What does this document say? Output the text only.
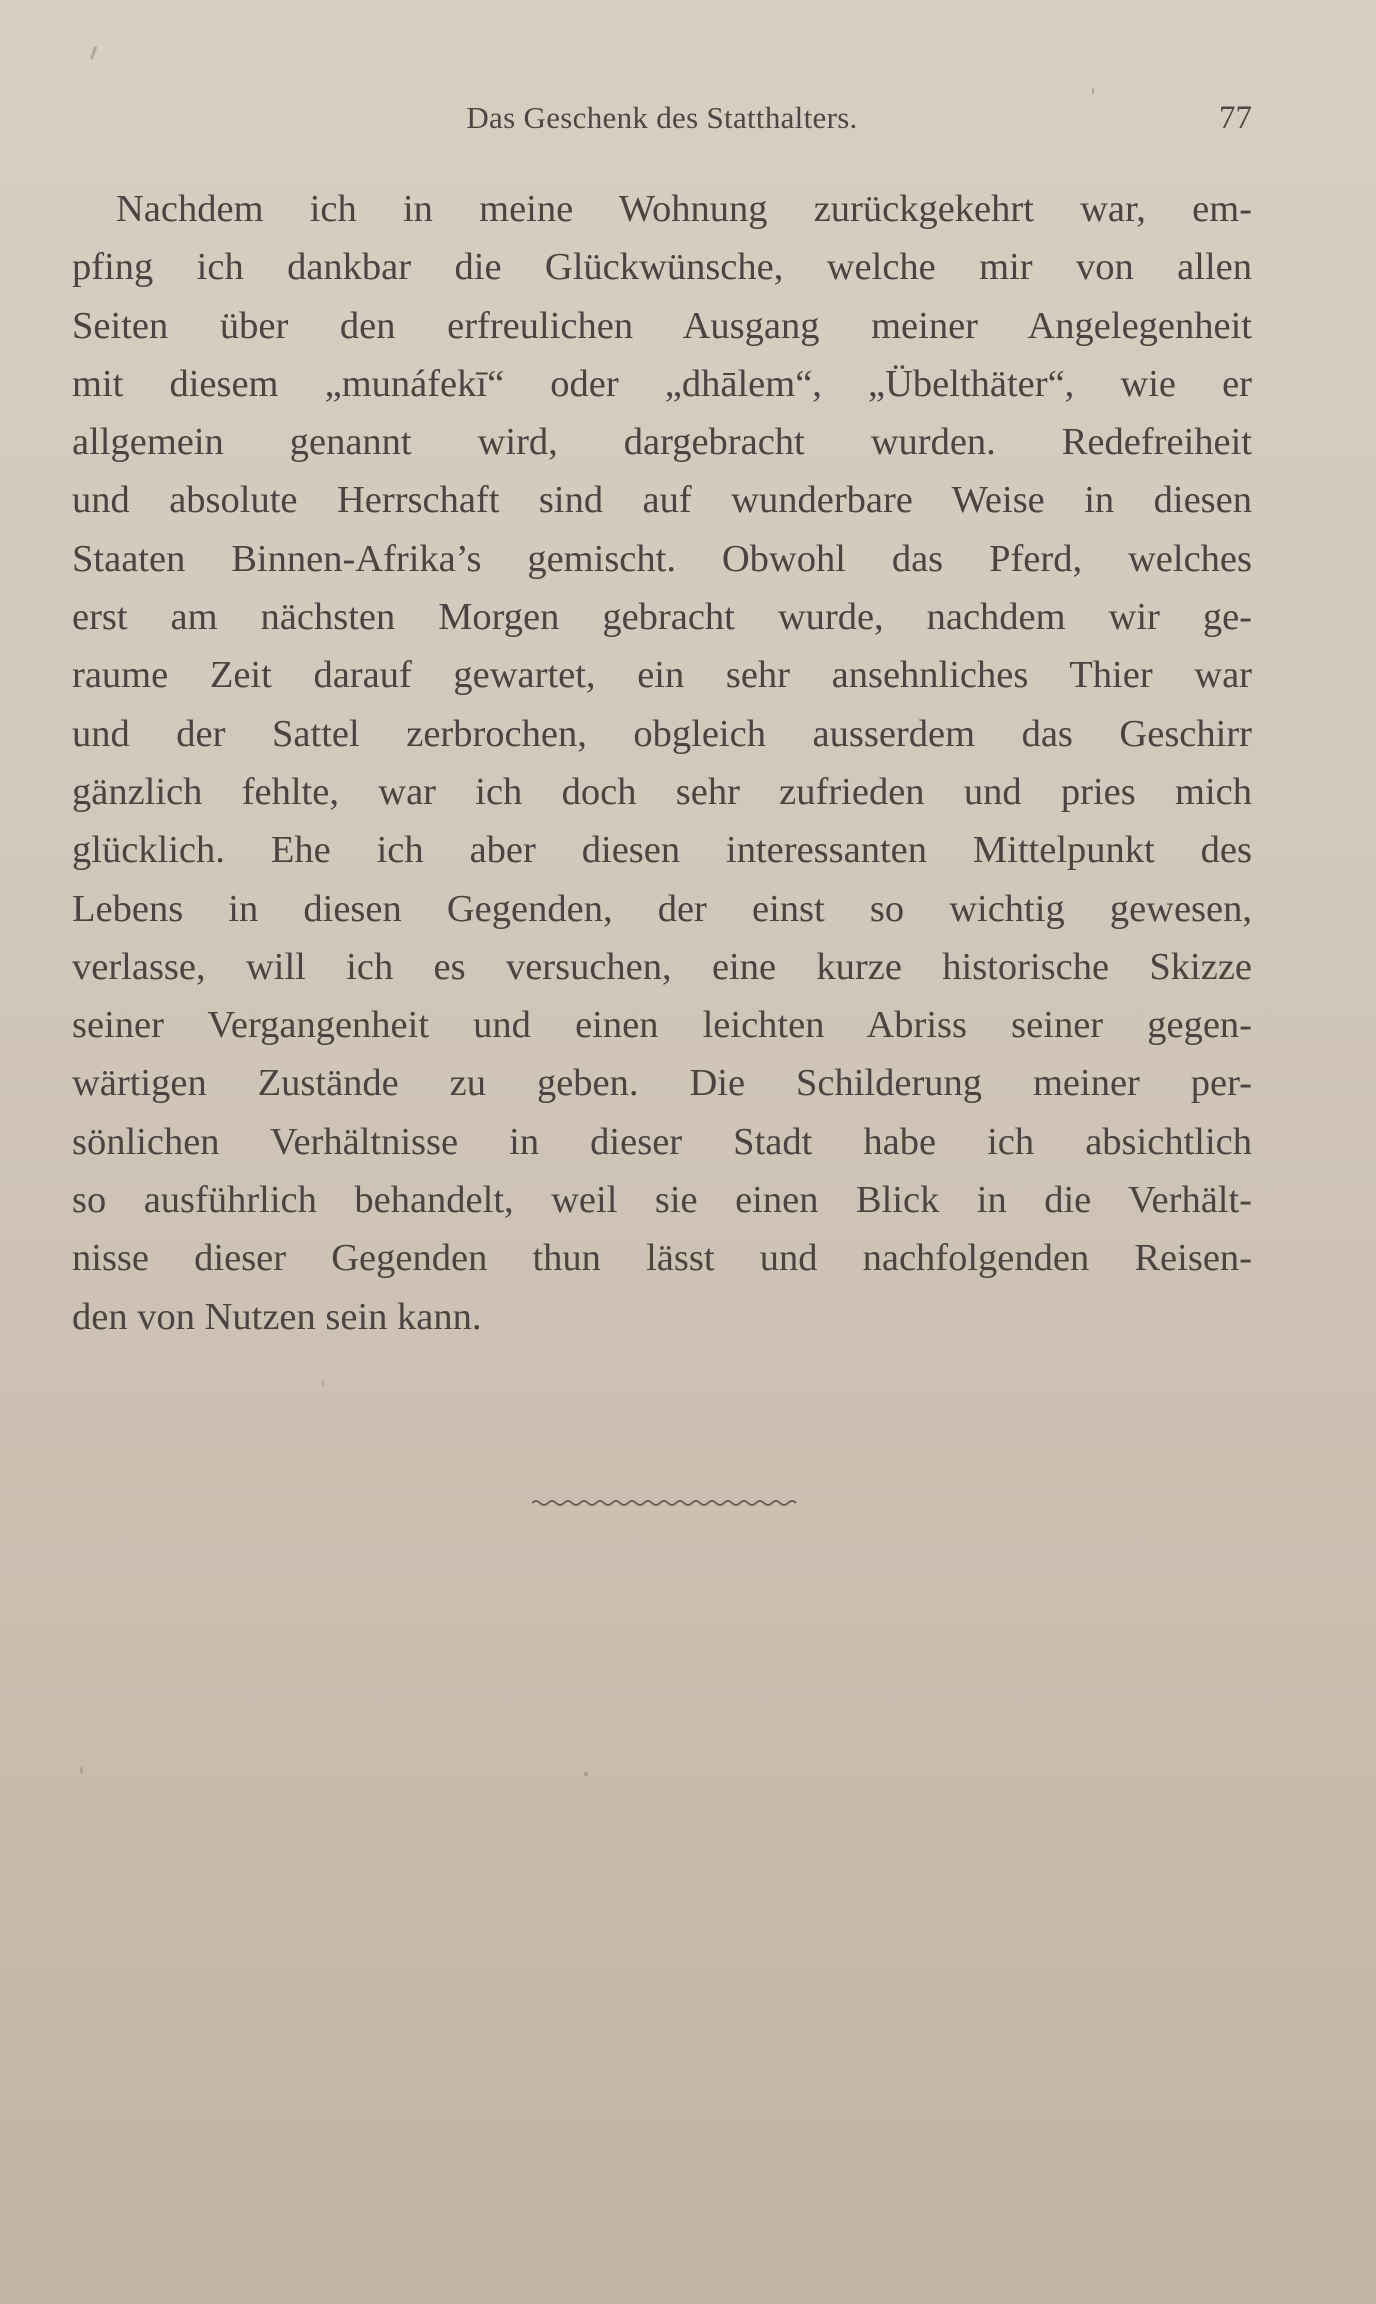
Das Geschenk des Statthalters.	77
Nachdem ich in meine Wohnung zurückgekehrt war, em-
pfing ich dankbar die Glückwünsche, welche mir von allen
Seiten über den erfreulichen Ausgang meiner Angelegenheit
mit diesem „munáfekī“ oder „dhālem“, „Übelthäter“, wie er
allgemein genannt wird, dargebracht wurden. Redefreiheit
und absolute Herrschaft sind auf wunderbare Weise in diesen
Staaten Binnen-Afrika’s gemischt. Obwohl das Pferd, welches
erst am nächsten Morgen gebracht wurde, nachdem wir ge-
raume Zeit darauf gewartet, ein sehr ansehnliches Thier war
und der Sattel zerbrochen, obgleich ausserdem das Geschirr
gänzlich fehlte, war ich doch sehr zufrieden und pries mich
glücklich. Ehe ich aber diesen interessanten Mittelpunkt des
Lebens in diesen Gegenden, der einst so wichtig gewesen,
verlasse, will ich es versuchen, eine kurze historische Skizze
seiner Vergangenheit und einen leichten Abriss seiner gegen-
wärtigen Zustände zu geben. Die Schilderung meiner per-
sönlichen Verhältnisse in dieser Stadt habe ich absichtlich
so ausführlich behandelt, weil sie einen Blick in die Verhält-
nisse dieser Gegenden thun lässt und nachfolgenden Reisen-
den von Nutzen sein kann.
